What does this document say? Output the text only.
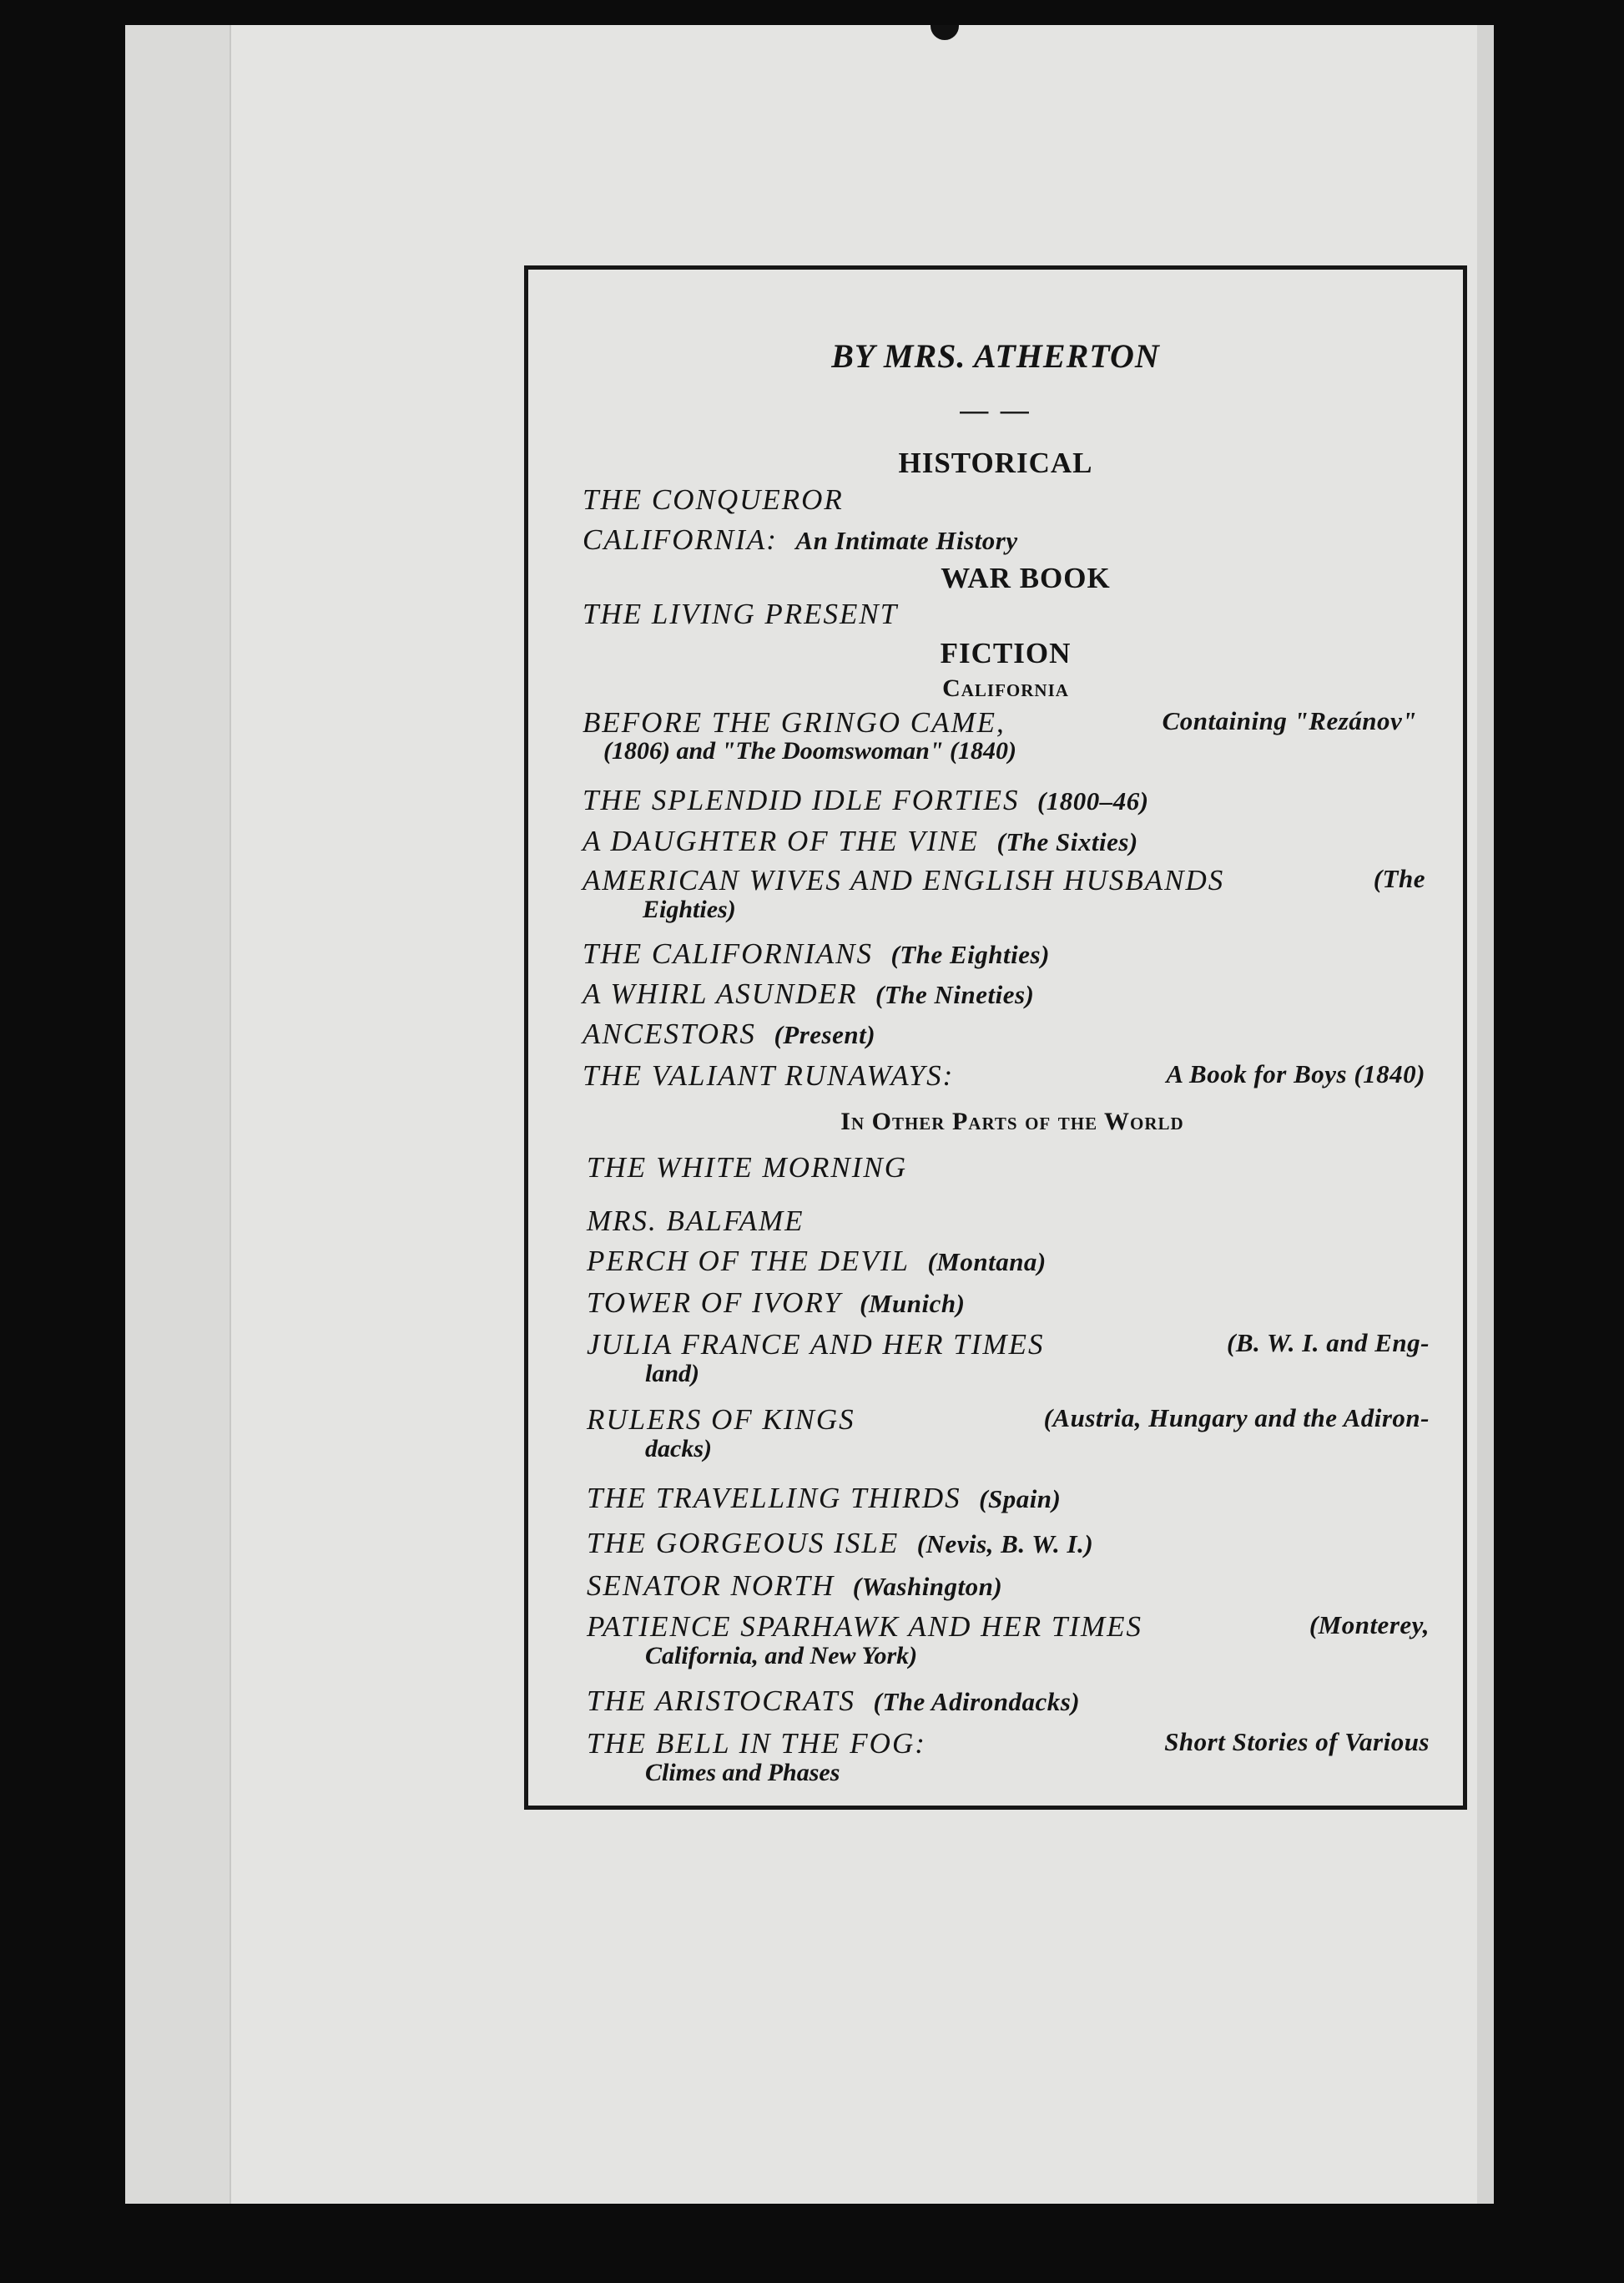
BY MRS. ATHERTON
— —
HISTORICAL
THE CONQUEROR
CALIFORNIA: An Intimate History
WAR BOOK
THE LIVING PRESENT
FICTION
California
BEFORE THE GRINGO CAME,	Containing "Rezánov"
(1806) and "The Doomswoman" (1840)
THE SPLENDID IDLE FORTIES (1800–46)
A DAUGHTER OF THE VINE (The Sixties)
AMERICAN WIVES AND ENGLISH HUSBANDS	(The
Eighties)
THE CALIFORNIANS (The Eighties)
A WHIRL ASUNDER (The Nineties)
ANCESTORS (Present)
THE VALIANT RUNAWAYS:	A Book for Boys (1840)
In Other Parts of the World
THE WHITE MORNING
MRS. BALFAME
PERCH OF THE DEVIL (Montana)
TOWER OF IVORY (Munich)
JULIA FRANCE AND HER TIMES	(B. W. I. and Eng-
land)
RULERS OF KINGS	(Austria, Hungary and the Adiron-
dacks)
THE TRAVELLING THIRDS (Spain)
THE GORGEOUS ISLE (Nevis, B. W. I.)
SENATOR NORTH (Washington)
PATIENCE SPARHAWK AND HER TIMES	(Monterey,
California, and New York)
THE ARISTOCRATS (The Adirondacks)
THE BELL IN THE FOG:	Short Stories of Various
Climes and Phases
